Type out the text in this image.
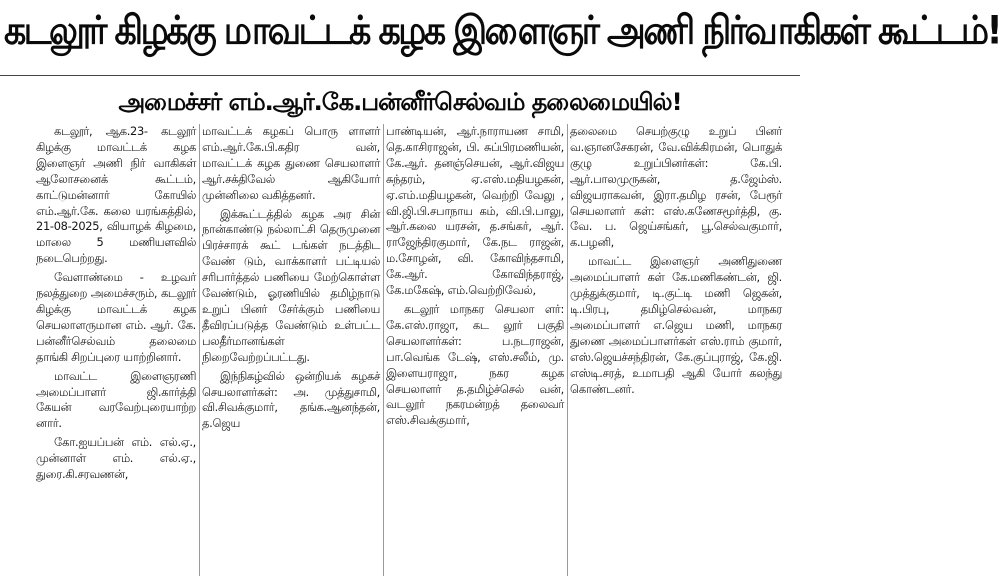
கடலூர் கிழக்கு மாவட்டக் கழக இளைஞர் அணி நிர்வாகிகள் கூட்டம்!
அமைச்சர் எம்.ஆர்.கே.பன்னீர்செல்வம் தலைமையில்!

கடலூர், ஆக.23- கடலூர் கிழக்கு மாவட்டக் கழக இளைஞர் அணி நிர் வாகிகள் ஆலோசனைக் கூட்டம், காட்டுமன்னார் கோயில் எம்.ஆர்.கே. கலை யரங்கத்தில், 21-08-2025, வியாழக் கிழமை, மாலை 5 மணியளவில் நடைபெற்றது.

வேளாண்மை - உழவர் நலத்துறை அமைச்சரும், கடலூர் கிழக்கு மாவட்டக் கழக செயலாளருமான எம். ஆர். கே. பன்னீர்செல்வம் தலைமை தாங்கி சிறப்புரை யாற்றினார்.

மாவட்ட இளைஞரணி அமைப்பாளர் ஜி.கார்த்தி கேயன் வரவேற்புரையாற்ற னார்.

கோ.ஐயப்பன் எம். எல்.ஏ., முன்னாள் எம். எல்.ஏ., துரை.கி.சரவணன்,

மாவட்டக் கழகப் பொரு ளாளர் எம்.ஆர்.கே.பி.கதிர வன், மாவட்டக் கழக துணை செயலாளர் ஆர்.சக்திவேல் ஆகியோர் முன்னிலை வகித்தனர்.

இக்கூட்டத்தில் கழக அர சின் நான்காண்டு நல்லாட்சி தெருமுனை பிரச்சாரக் கூட் டங்கள் நடத்திட வேண் டும், வாக்காளர் பட்டியல் சரிபார்த்தல் பணியை மேற்கொள்ள வேண்டும், ஓரணியில் தமிழ்நாடு உறுப் பினர் சேர்க்கும் பணியை தீவிரப்படுத்த வேண்டும் உள்பட்ட பலதீர்மானங்கள் நிறைவேற்றப்பட்டது.

இந்நிகழ்வில் ஒன்றியக் கழகச் செயலாளர்கள்: அ. முத்துசாமி, வி.சிவக்குமார், தங்க.ஆனந்தன், த.ஜெய

பாண்டியன், ஆர்.நாராயண சாமி, தெ.காசிராஜன், பி. சுப்பிரமணியன், கே.ஆர். தனஞ்செயன், ஆர்.விஜய சுந்தரம், ஏ.எஸ்.மதியழகன், ஏ.எம்.மதியழகன், வெற்றி வேலு , வி.ஜி.பி.சபாநாய கம், வி.பி.பாலு, ஆர்.கலை யரசன், த.சங்கர், ஆர். ராஜேந்திரகுமார், கே.நட ராஜன், ம.சோழன், வி. கோவிந்தசாமி, கே.ஆர். கோவிந்தராஜ், கே.மகேஷ், எம்.வெற்றிவேல்,

கடலூர் மாநகர செயலா ளர்: கே.எஸ்.ராஜா, கட லூர் பகுதி செயலாளர்கள்: ப.நடராஜன், பா.வெங்க டேஷ், எஸ்.சலீம், மு. இளையராஜா, நகர கழக செயலாளர் த.தமிழ்ச்செல் வன், வடலூர் நகரமன்றத் தலைவர் எஸ்.சிவக்குமார்,

தலைமை செயற்குழு உறுப் பினர் வ.ஞானசேகரன், வே.விக்கிரமன், பொதுக் குழு உறுப்பினர்கள்: கே.பி. ஆர்.பாலமுருகன், த.ஜேம்ஸ். விஜயராகவன், இரா.தமிழ ரசன், பேரூர் செயலாளர் கள்: எஸ்.கணேசமூர்த்தி, கு. வே. ப. ஜெய்சங்கர், பூ.செல்வகுமார், க.பழனி,

மாவட்ட இளைஞர் அணிதுணை அமைப்பாளர் கள் கே.மணிகண்டன், ஜி. முத்துக்குமார், டி.குட்டி மணி ஜெகன், டி.பிரபு, தமிழ்செல்வன், மாநகர அமைப்பாளர் எ.ஜெய மணி, மாநகர துணை அமைப்பாளர்கள் எஸ்.ராம் குமார், எஸ்.ஜெயச்சந்திரன், கே.குப்புராஜ், கே.ஜி. எஸ்டி.சரத், உமாபதி ஆகி யோர் கலந்து கொண்டனர்.
